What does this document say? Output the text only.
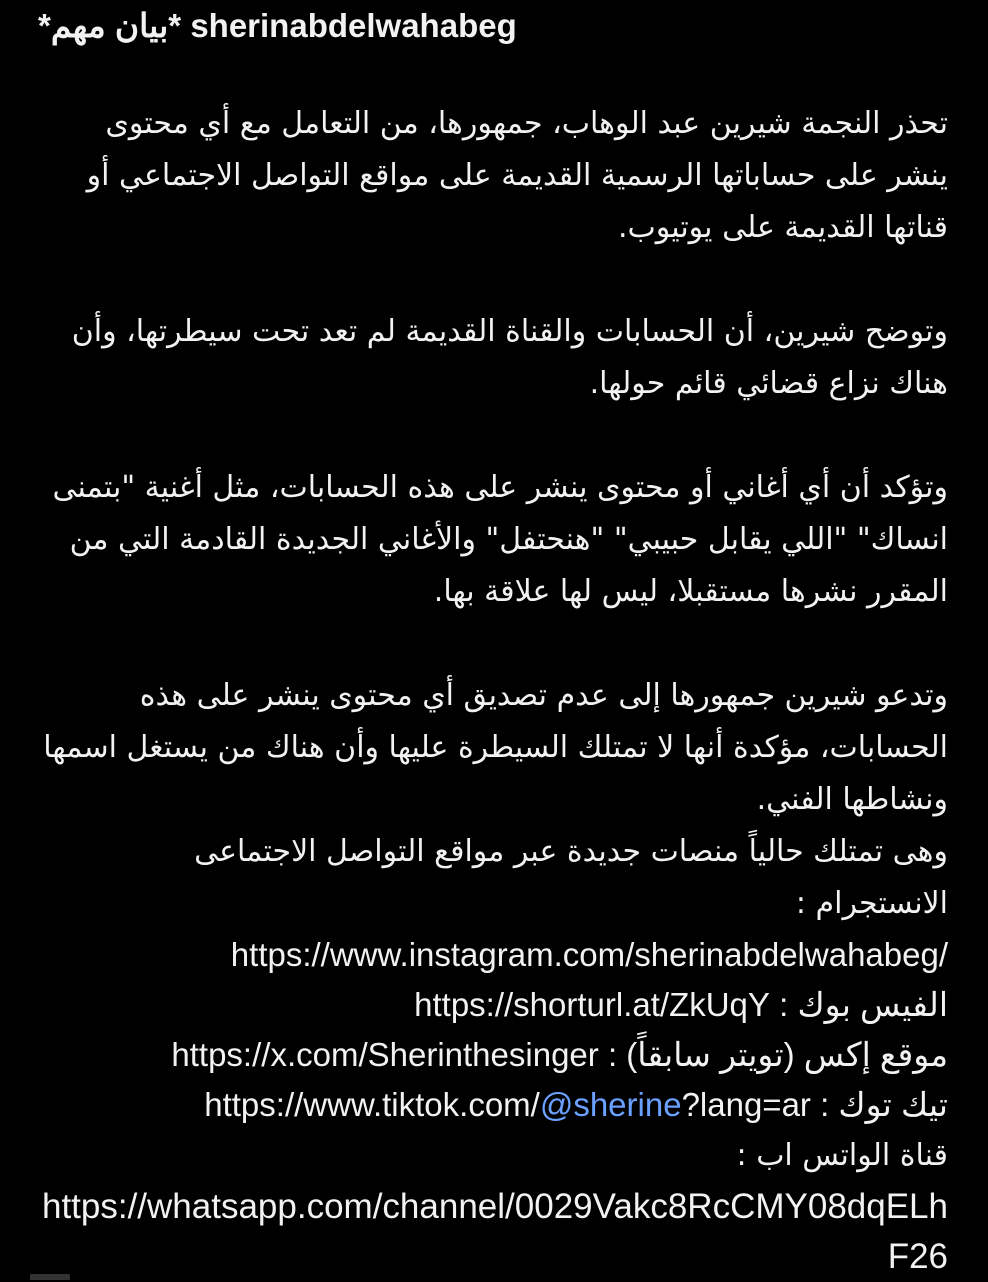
sherinabdelwahabeg *بيان مهم*

تحذر النجمة شيرين عبد الوهاب، جمهورها، من التعامل مع أي محتوى ينشر على حساباتها الرسمية القديمة على مواقع التواصل الاجتماعي أو قناتها القديمة على يوتيوب.

وتوضح شيرين، أن الحسابات والقناة القديمة لم تعد تحت سيطرتها، وأن هناك نزاع قضائي قائم حولها.

وتؤكد أن أي أغاني أو محتوى ينشر على هذه الحسابات، مثل أغنية "بتمنى انساك" "اللي يقابل حبيبي" "هنحتفل" والأغاني الجديدة القادمة التي من المقرر نشرها مستقبلا، ليس لها علاقة بها.

وتدعو شيرين جمهورها إلى عدم تصديق أي محتوى ينشر على هذه الحسابات، مؤكدة أنها لا تمتلك السيطرة عليها وأن هناك من يستغل اسمها ونشاطها الفني.

وهى تمتلك حالياً منصات جديدة عبر مواقع التواصل الاجتماعى

الانستجرام :
https://www.instagram.com/sherinabdelwahabeg/
الفيس بوك : https://shorturl.at/ZkUqY
موقع إكس (تويتر سابقاً) : https://x.com/Sherinthesinger
تيك توك : https://www.tiktok.com/@sherine?lang=ar
قناة الواتس اب :
https://whatsapp.com/channel/0029Vakc8RcCMY08dqELhF26
